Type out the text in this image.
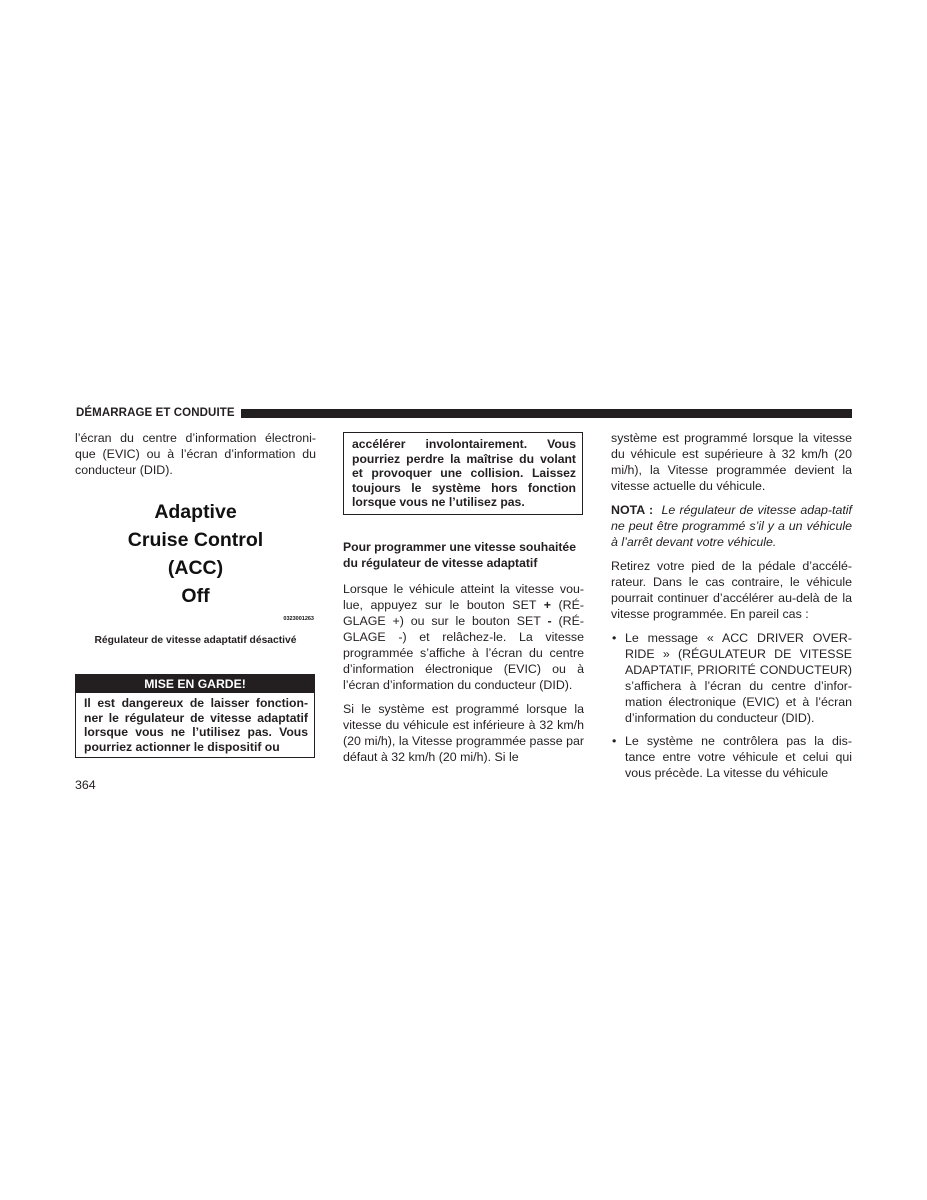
DÉMARRAGE ET CONDUITE

l’écran du centre d’information électroni-que (EVIC) ou à l’écran d’information du conducteur (DID).

Adaptive
Cruise Control
(ACC)
Off
0323001263
Régulateur de vitesse adaptatif désactivé
MISE EN GARDE!
Il est dangereux de laisser fonction-ner le régulateur de vitesse adaptatif lorsque vous ne l’utilisez pas. Vous pourriez actionner le dispositif ou
accélérer involontairement. Vous pourriez perdre la maîtrise du volant et provoquer une collision. Laissez toujours le système hors fonction lorsque vous ne l’utilisez pas.
Pour programmer une vitesse souhaitée du régulateur de vitesse adaptatif

Lorsque le véhicule atteint la vitesse vou-lue, appuyez sur le bouton SET + (RÉ-GLAGE +) ou sur le bouton SET - (RÉ-GLAGE -) et relâchez-le. La vitesse programmée s’affiche à l’écran du centre d’information électronique (EVIC) ou à l’écran d’information du conducteur (DID).

Si le système est programmé lorsque la vitesse du véhicule est inférieure à 32 km/h (20 mi/h), la Vitesse programmée passe par défaut à 32 km/h (20 mi/h). Si le

système est programmé lorsque la vitesse du véhicule est supérieure à 32 km/h (20 mi/h), la Vitesse programmée devient la vitesse actuelle du véhicule.

NOTA : Le régulateur de vitesse adap-tatif ne peut être programmé s’il y a un véhicule à l’arrêt devant votre véhicule.

Retirez votre pied de la pédale d’accélé-rateur. Dans le cas contraire, le véhicule pourrait continuer d’accélérer au-delà de la vitesse programmée. En pareil cas :

• Le message « ACC DRIVER OVER-RIDE » (RÉGULATEUR DE VITESSE ADAPTATIF, PRIORITÉ CONDUCTEUR) s’affichera à l’écran du centre d’infor-mation électronique (EVIC) et à l’écran d’information du conducteur (DID).
• Le système ne contrôlera pas la dis-tance entre votre véhicule et celui qui vous précède. La vitesse du véhicule
364
